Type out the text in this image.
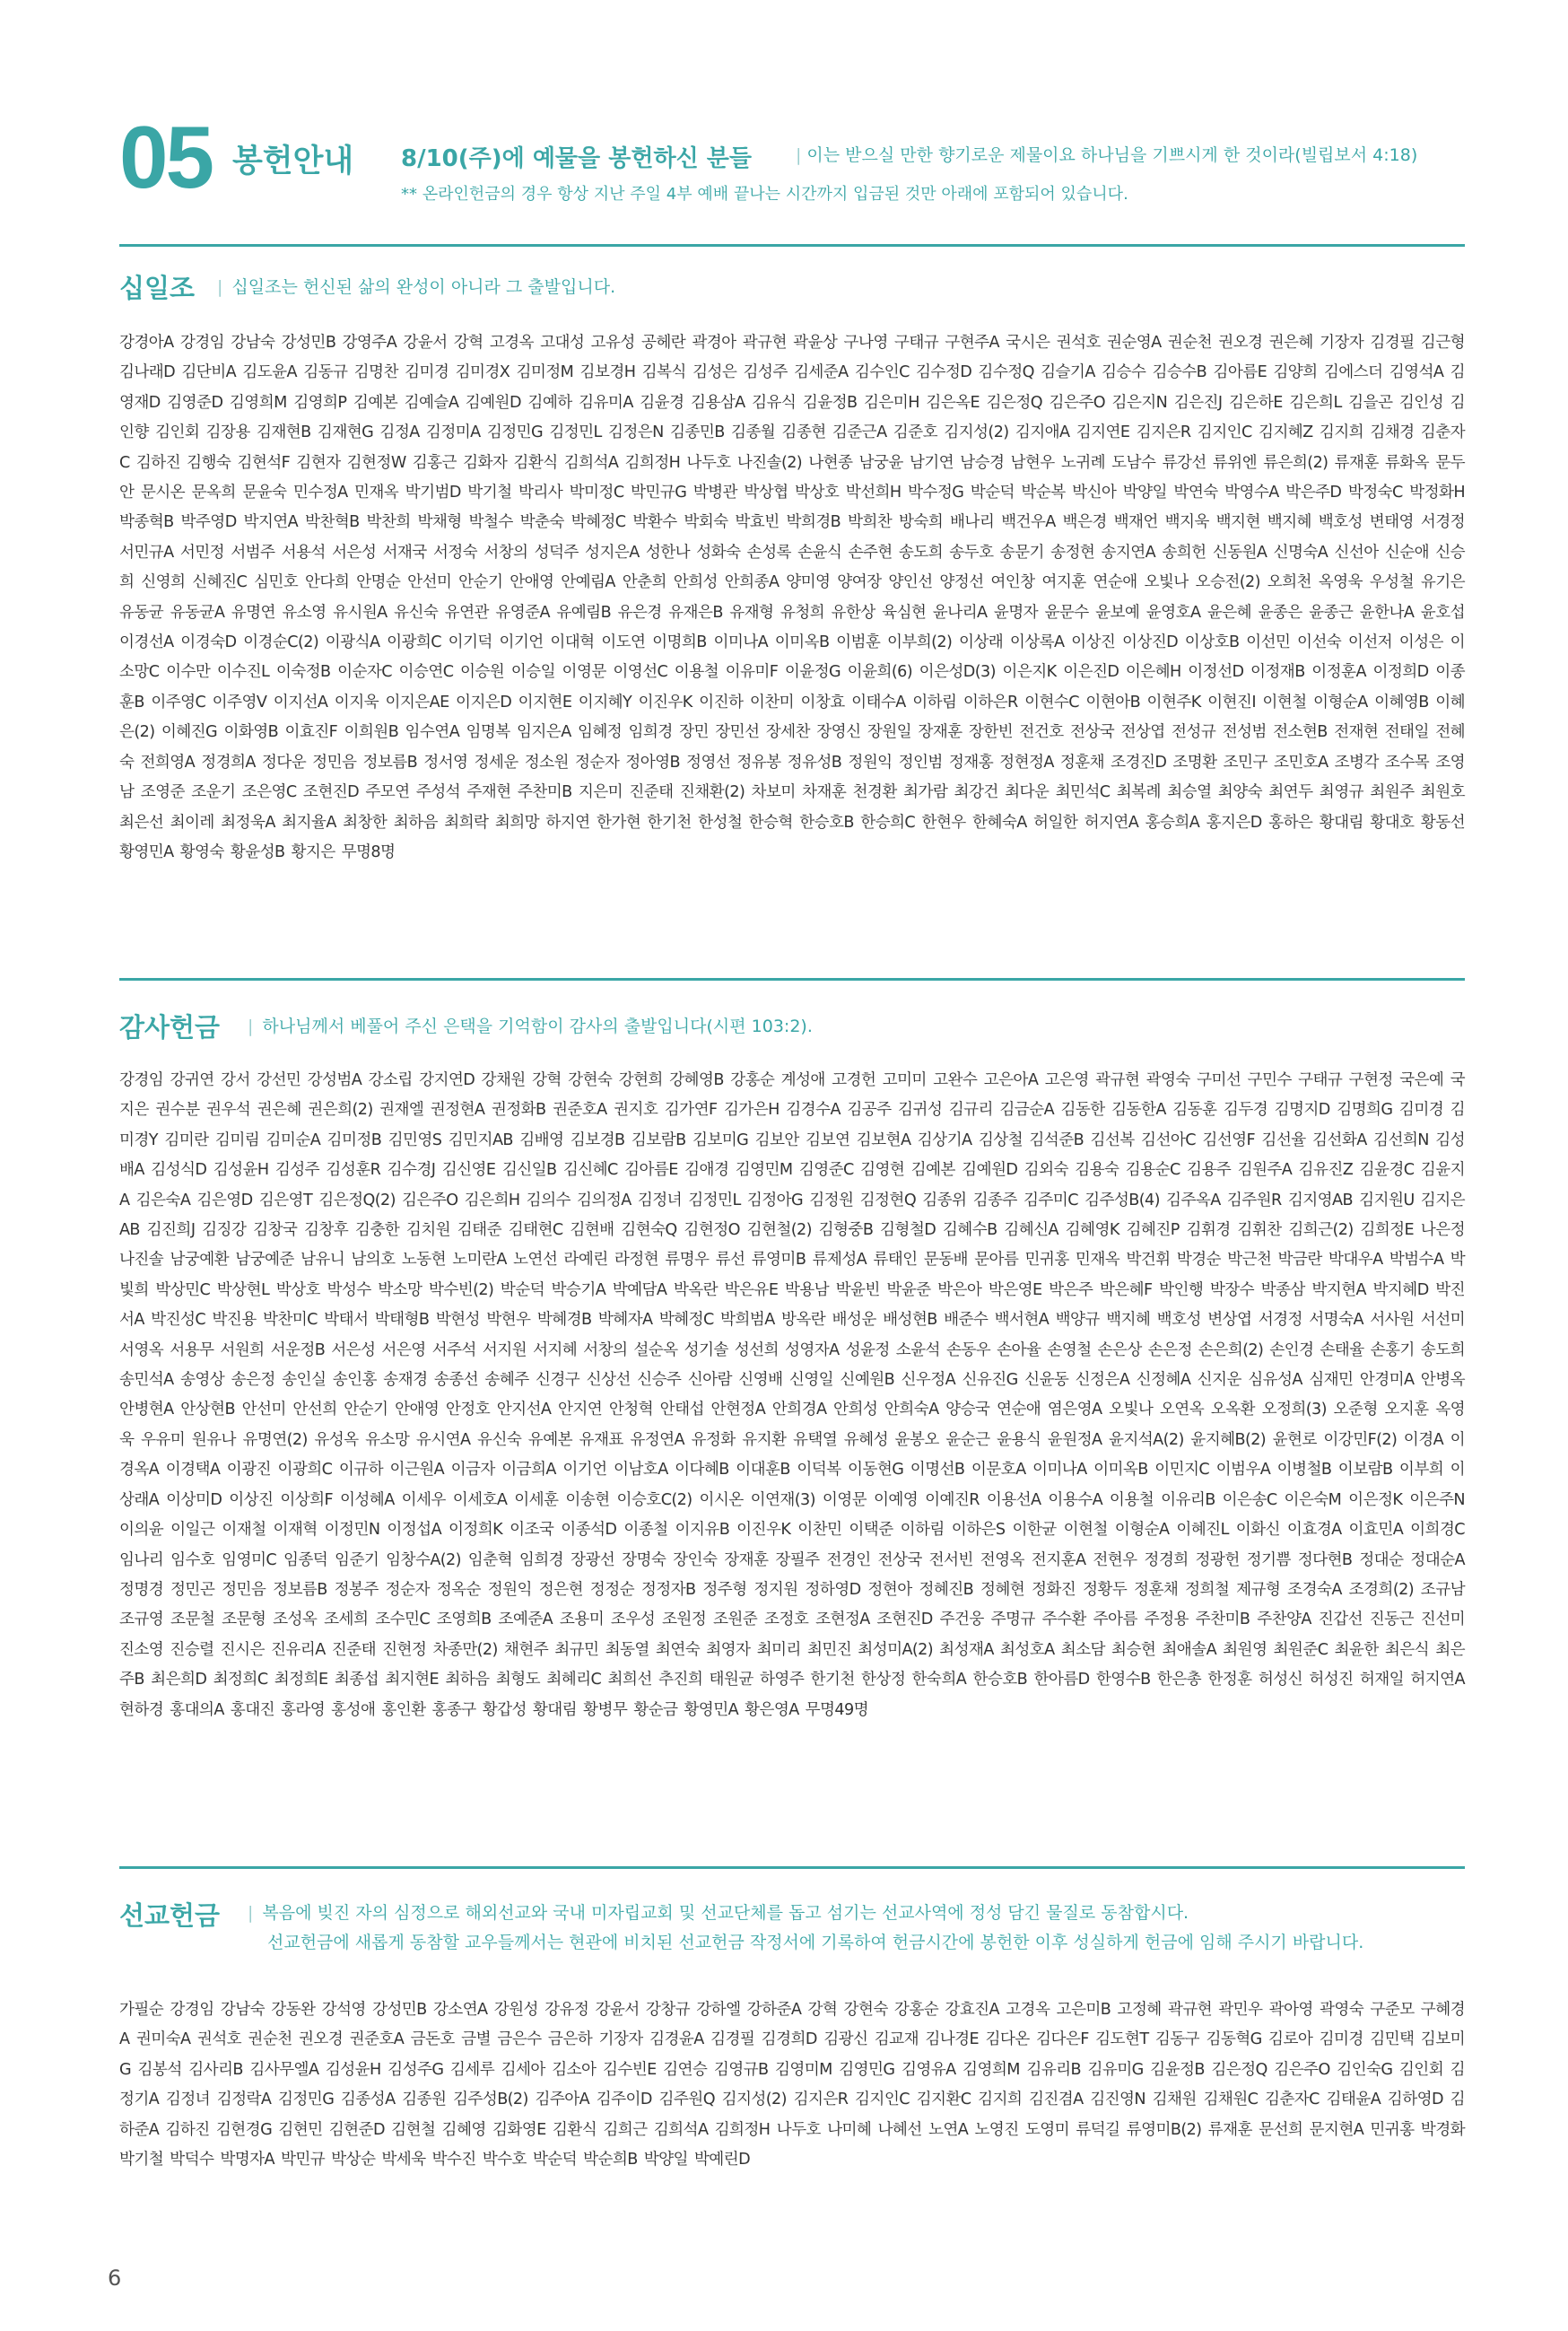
05 봉헌안내 8/10(주)에 예물을 봉헌하신 분들	| 이는 받으실 만한 향기로운 제물이요 하나님을 기쁘시게 한 것이라(빌립보서 4:18)
** 온라인헌금의 경우 항상 지난 주일 4부 예배 끝나는 시간까지 입금된 것만 아래에 포함되어 있습니다.
십일조 | 십일조는 헌신된 삶의 완성이 아니라 그 출발입니다.
강경아A 강경임 강남숙 강성민B 강영주A 강윤서 강혁 고경옥 고대성 고유성 공헤란 곽경아 곽규현 곽윤상 구나영 구태규 구현주A 국시은 권석호 권순영A 권순천 권오경 권은혜 기장자 김경필 김근형 김나래D 김단비A 김도윤A 김동규 김명찬 김미경 김미경X 김미정M 김보경H 김복식 김성은 김성주 김세준A 김수인C 김수정D 김수정Q 김슬기A 김승수 김승수B 김아름E 김양희 김에스더 김영석A 김영재D 김영준D 김영희M 김영희P 김예본 김예슬A 김예원D 김예하 김유미A 김윤경 김용삼A 김유식 김윤정B 김은미H 김은옥E 김은정Q 김은주O 김은지N 김은진J 김은하E 김은희L 김을곤 김인성 김인향 김인회 김장용 김재현B 김재현G 김정A 김정미A 김정민G 김정민L 김정은N 김종민B 김종월 김종현 김준근A 김준호 김지성(2) 김지애A 김지연E 김지은R 김지인C 김지혜Z 김지희 김채경 김춘자C 김하진 김행숙 김현석F 김현자 김현정W 김홍근 김화자 김환식 김희석A 김희정H 나두호 나진솔(2) 나현종 남궁윤 남기연 남승경 남현우 노귀례 도남수 류강선 류위엔 류은희(2) 류재훈 류화옥 문두안 문시온 문옥희 문윤숙 민수정A 민재옥 박기범D 박기철 박리사 박미정C 박민규G 박병관 박상협 박상호 박선희H 박수정G 박순덕 박순복 박신아 박양일 박연숙 박영수A 박은주D 박정숙C 박정화H 박종혁B 박주영D 박지연A 박찬혁B 박찬희 박채형 박철수 박춘숙 박혜정C 박환수 박회숙 박효빈 박희경B 박희찬 방숙희 배나리 백건우A 백은경 백재언 백지욱 백지현 백지혜 백호성 변태영 서경정 서민규A 서민정 서범주 서용석 서은성 서재국 서정숙 서창의 성덕주 성지은A 성한나 성화숙 손성록 손윤식 손주현 송도희 송두호 송문기 송정현 송지연A 송희헌 신동원A 신명숙A 신선아 신순애 신승희 신영희 신혜진C 심민호 안다희 안명순 안선미 안순기 안애영 안예림A 안춘희 안희성 안희종A 양미영 양여장 양인선 양정선 여인창 여지훈 연순애 오빛나 오승전(2) 오희천 옥영욱 우성철 유기은 유동균 유동균A 유명연 유소영 유시원A 유신숙 유연관 유영준A 유예림B 유은경 유재은B 유재형 유청희 유한상 육심현 윤나리A 윤명자 윤문수 윤보예 윤영호A 윤은혜 윤종은 윤종근 윤한나A 윤호섭 이경선A 이경숙D 이경순C(2) 이광식A 이광희C 이기덕 이기언 이대혁 이도연 이명희B 이미나A 이미옥B 이범훈 이부희(2) 이상래 이상록A 이상진 이상진D 이상호B 이선민 이선숙 이선저 이성은 이소망C 이수만 이수진L 이숙정B 이순자C 이승연C 이승원 이승일 이영문 이영선C 이용철 이유미F 이윤정G 이윤희(6) 이은성D(3) 이은지K 이은진D 이은혜H 이정선D 이정재B 이정훈A 이정희D 이종훈B 이주영C 이주영V 이지선A 이지욱 이지은AE 이지은D 이지현E 이지혜Y 이진우K 이진하 이찬미 이창효 이태수A 이하림 이하은R 이현수C 이현아B 이현주K 이현진I 이현철 이형순A 이혜영B 이혜은(2) 이혜진G 이화영B 이효진F 이희원B 임수연A 임명복 임지은A 임혜정 임희경 장민 장민선 장세찬 장영신 장원일 장재훈 장한빈 전건호 전상국 전상엽 전성규 전성범 전소현B 전재현 전태일 전혜숙 전희영A 정경희A 정다운 정민음 정보름B 정서영 정세운 정소원 정순자 정아영B 정영선 정유봉 정유성B 정원익 정인범 정재홍 정현정A 정훈채 조경진D 조명환 조민구 조민호A 조병각 조수목 조영남 조영준 조운기 조은영C 조현진D 주모연 주성석 주재현 주찬미B 지은미 진준태 진채환(2) 차보미 차재훈 천경환 최가람 최강건 최다운 최민석C 최복례 최승열 최양숙 최연두 최영규 최원주 최원호 최은선 최이레 최정욱A 최지율A 최창한 최하음 최희락 최희망 하지연 한가현 한기천 한성철 한승혁 한승호B 한승희C 한현우 한혜숙A 허일한 허지연A 홍승희A 홍지은D 홍하은 황대림 황대호 황동선 황영민A 황영숙 황윤성B 황지은 무명8명
감사헌금 | 하나님께서 베풀어 주신 은택을 기억함이 감사의 출발입니다(시편 103:2).
강경임 강귀연 강서 강선민 강성범A 강소립 강지연D 강채원 강혁 강현숙 강현희 강혜영B 강홍순 계성애 고경헌 고미미 고완수 고은아A 고은영 곽규현 곽영숙 구미선 구민수 구태규 구현정 국은예 국지은 권수분 권우석 권은혜 권은희(2) 권재엘 권정현A 권정화B 권준호A 권지호 김가연F 김가은H 김경수A 김공주 김귀성 김규리 김금순A 김동한 김동한A 김동훈 김두경 김명지D 김명희G 김미경 김미경Y 김미란 김미림 김미순A 김미정B 김민영S 김민지AB 김배영 김보경B 김보람B 김보미G 김보안 김보연 김보현A 김상기A 김상철 김석준B 김선복 김선아C 김선영F 김선율 김선화A 김선희N 김성배A 김성식D 김성윤H 김성주 김성훈R 김수경J 김신영E 김신일B 김신혜C 김아름E 김애경 김영민M 김영준C 김영현 김예본 김예원D 김외숙 김용숙 김용순C 김용주 김원주A 김유진Z 김윤경C 김윤지A 김은숙A 김은영D 김은영T 김은정Q(2) 김은주O 김은희H 김의수 김의정A 김정녀 김정민L 김정아G 김정원 김정현Q 김종위 김종주 김주미C 김주성B(4) 김주옥A 김주원R 김지영AB 김지원U 김지은AB 김진희J 김징강 김창국 김창후 김충한 김치원 김태준 김태현C 김현배 김현숙Q 김현정O 김현철(2) 김형중B 김형철D 김혜수B 김혜신A 김혜영K 김혜진P 김휘경 김휘찬 김희근(2) 김희정E 나은정 나진솔 남궁예환 남궁예준 남유니 남의호 노동현 노미란A 노연선 라예린 라정현 류명우 류선 류영미B 류제성A 류태인 문동배 문아름 민귀홍 민재옥 박건휘 박경순 박근천 박금란 박대우A 박범수A 박빛희 박상민C 박상현L 박상호 박성수 박소망 박수빈(2) 박순덕 박승기A 박예담A 박옥란 박은유E 박용남 박윤빈 박윤준 박은아 박은영E 박은주 박은혜F 박인행 박장수 박종삼 박지현A 박지혜D 박진서A 박진성C 박진용 박찬미C 박태서 박태형B 박현성 박현우 박혜경B 박혜자A 박혜정C 박희범A 방옥란 배성운 배성현B 배준수 백서현A 백양규 백지혜 백호성 변상엽 서경정 서명숙A 서사원 서선미 서영옥 서용무 서원희 서운정B 서은성 서은영 서주석 서지원 서지혜 서창의 설순옥 성기솔 성선희 성영자A 성윤정 소윤석 손동우 손아율 손영철 손은상 손은정 손은희(2) 손인경 손태율 손홍기 송도희 송민석A 송영상 송은정 송인실 송인홍 송재경 송종선 송혜주 신경구 신상선 신승주 신아람 신영배 신영일 신예원B 신우정A 신유진G 신윤동 신정은A 신정혜A 신지운 심유성A 심재민 안경미A 안병옥 안병현A 안상현B 안선미 안선희 안순기 안애영 안정호 안지선A 안지연 안청혁 안태섭 안현정A 안희경A 안희성 안희숙A 양승국 연순애 염은영A 오빛나 오연옥 오옥환 오정희(3) 오준형 오지훈 옥영욱 우유미 원유나 유명연(2) 유성옥 유소망 유시연A 유신숙 유예본 유재표 유정연A 유정화 유지환 유택열 유혜성 윤봉오 윤순근 윤용식 윤원정A 윤지석A(2) 윤지혜B(2) 윤현로 이강민F(2) 이경A 이경옥A 이경택A 이광진 이광희C 이규하 이근원A 이금자 이금희A 이기언 이남호A 이다혜B 이대훈B 이덕복 이동현G 이명선B 이문호A 이미나A 이미옥B 이민지C 이범우A 이병철B 이보람B 이부희 이상래A 이상미D 이상진 이상희F 이성혜A 이세우 이세호A 이세훈 이송현 이승호C(2) 이시온 이연재(3) 이영문 이예영 이예진R 이용선A 이용수A 이용철 이유리B 이은송C 이은숙M 이은정K 이은주N 이의윤 이일근 이재철 이재혁 이정민N 이정섭A 이정희K 이조국 이종석D 이종철 이지유B 이진우K 이찬민 이택준 이하림 이하은S 이한균 이현철 이형순A 이혜진L 이화신 이효경A 이효민A 이희경C 임나리 임수호 임영미C 임종덕 임준기 임창수A(2) 임춘혁 임희경 장광선 장명숙 장인숙 장재훈 장필주 전경인 전상국 전서빈 전영옥 전지훈A 전현우 정경희 정광헌 정기쁨 정다현B 정대순 정대순A 정명경 정민곤 정민음 정보름B 정봉주 정순자 정옥순 정원익 정은현 정정순 정정자B 정주형 정지원 정하영D 정현아 정혜진B 정혜현 정화진 정황두 정훈채 정희철 제규형 조경숙A 조경희(2) 조규남 조규영 조문철 조문형 조성옥 조세희 조수민C 조영희B 조예준A 조용미 조우성 조원정 조원준 조정호 조현정A 조현진D 주건웅 주명규 주수환 주아름 주정용 주찬미B 주찬양A 진갑선 진동근 진선미 진소영 진승렬 진시은 진유리A 진준태 진현정 차종만(2) 채현주 최규민 최동열 최연숙 최영자 최미리 최민진 최성미A(2) 최성재A 최성호A 최소담 최승현 최애솔A 최원영 최원준C 최윤한 최은식 최은주B 최은희D 최정희C 최정희E 최종섭 최지현E 최하음 최형도 최혜리C 최희선 추진희 태원균 하영주 한기천 한상정 한숙희A 한승호B 한아름D 한영수B 한은총 한정훈 허성신 허성진 허재일 허지연A 현하경 홍대의A 홍대진 홍라영 홍성애 홍인환 홍종구 황갑성 황대림 황병무 황순금 황영민A 황은영A 무명49명
선교헌금 | 복음에 빚진 자의 심정으로 해외선교와 국내 미자립교회 및 선교단체를 돕고 섬기는 선교사역에 정성 담긴 물질로 동참합시다.
선교헌금에 새롭게 동참할 교우들께서는 현관에 비치된 선교헌금 작정서에 기록하여 헌금시간에 봉헌한 이후 성실하게 헌금에 임해 주시기 바랍니다.
가필순 강경임 강남숙 강동완 강석영 강성민B 강소연A 강원성 강유정 강윤서 강창규 강하엘 강하준A 강혁 강현숙 강홍순 강효진A 고경옥 고은미B 고정혜 곽규현 곽민우 곽아영 곽영숙 구준모 구혜경A 권미숙A 권석호 권순천 권오경 권준호A 금돈호 금별 금은수 금은하 기장자 김경윤A 김경필 김경희D 김광신 김교재 김나경E 김다온 김다은F 김도현T 김동구 김동혁G 김로아 김미경 김민택 김보미G 김봉석 김사리B 김사무엘A 김성윤H 김성주G 김세루 김세아 김소아 김수빈E 김연승 김영규B 김영미M 김영민G 김영유A 김영희M 김유리B 김유미G 김윤정B 김은정Q 김은주O 김인숙G 김인회 김정기A 김정녀 김정락A 김정민G 김종성A 김종원 김주성B(2) 김주아A 김주이D 김주원Q 김지성(2) 김지은R 김지인C 김지환C 김지희 김진겸A 김진영N 김채원 김채원C 김춘자C 김태윤A 김하영D 김하준A 김하진 김현경G 김현민 김현준D 김현철 김혜영 김화영E 김환식 김희근 김희석A 김희정H 나두호 나미혜 나혜선 노연A 노영진 도영미 류덕길 류영미B(2) 류재훈 문선희 문지현A 민귀홍 박경화 박기철 박덕수 박명자A 박민규 박상순 박세욱 박수진 박수호 박순덕 박순희B 박양일 박예린D
6
